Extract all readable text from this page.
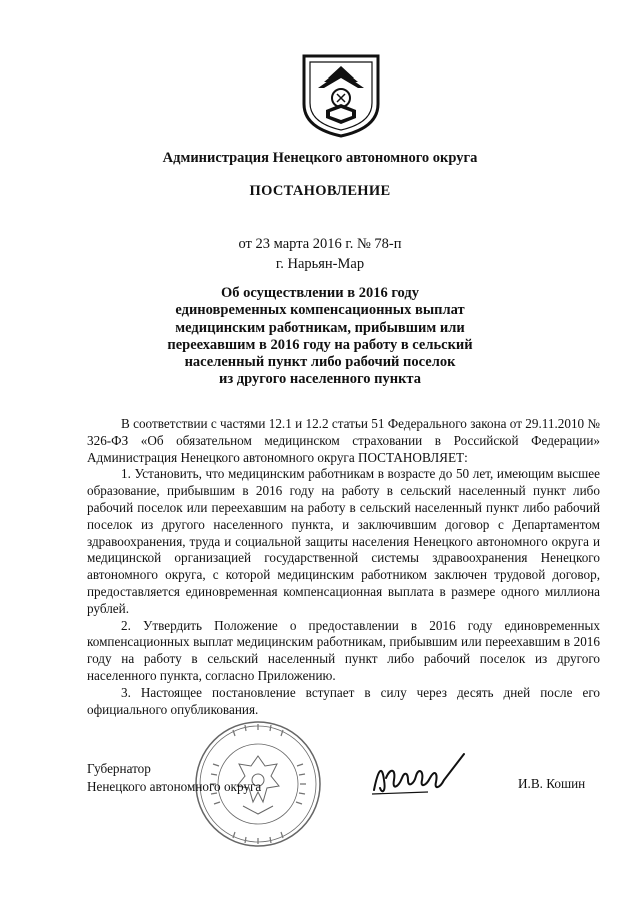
Администрация Ненецкого автономного округа
ПОСТАНОВЛЕНИЕ
от 23 марта 2016 г. № 78-п
г. Нарьян-Мар
Об осуществлении в 2016 году
единовременных компенсационных выплат
медицинским работникам, прибывшим или
переехавшим в 2016 году на работу в сельский
населенный пункт либо рабочий поселок
из другого населенного пункта

В соответствии с частями 12.1 и 12.2 статьи 51 Федерального закона от 29.11.2010 № 326-ФЗ «Об обязательном медицинском страховании в Российской Федерации» Администрация Ненецкого автономного округа ПОСТАНОВЛЯЕТ:

1. Установить, что медицинским работникам в возрасте до 50 лет, имеющим высшее образование, прибывшим в 2016 году на работу в сельский населенный пункт либо рабочий поселок или переехавшим на работу в сельский населенный пункт либо рабочий поселок из другого населенного пункта, и заключившим договор с Департаментом здравоохранения, труда и социальной защиты населения Ненецкого автономного округа и медицинской организацией государственной системы здравоохранения Ненецкого автономного округа, с которой медицинским работником заключен трудовой договор, предоставляется единовременная компенсационная выплата в размере одного миллиона рублей.

2. Утвердить Положение о предоставлении в 2016 году единовременных компенсационных выплат медицинским работникам, прибывшим или переехавшим в 2016 году на работу в сельский населенный пункт либо рабочий поселок из другого населенного пункта, согласно Приложению.

3. Настоящее постановление вступает в силу через десять дней после его официального опубликования.

Губернатор
Ненецкого автономного округа	И.В. Кошин
